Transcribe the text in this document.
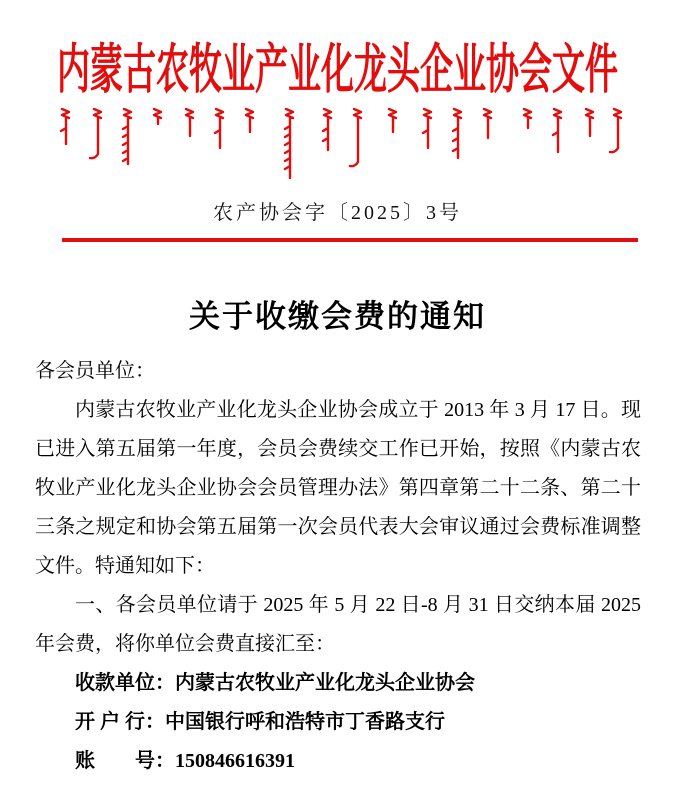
内蒙古农牧业产业化龙头企业协会文件
农产协会字〔2025〕3号
关于收缴会费的通知

各会员单位：

内蒙古农牧业产业化龙头企业协会成立于 2013 年 3 月 17 日。现已进入第五届第一年度，会员会费续交工作已开始，按照《内蒙古农牧业产业化龙头企业协会会员管理办法》第四章第二十二条、第二十三条之规定和协会第五届第一次会员代表大会审议通过会费标准调整文件。特通知如下：

一、各会员单位请于 2025 年 5 月 22 日-8 月 31 日交纳本届 2025 年会费，将你单位会费直接汇至：

收款单位：内蒙古农牧业产业化龙头企业协会

开 户 行：中国银行呼和浩特市丁香路支行

账        号：150846616391
